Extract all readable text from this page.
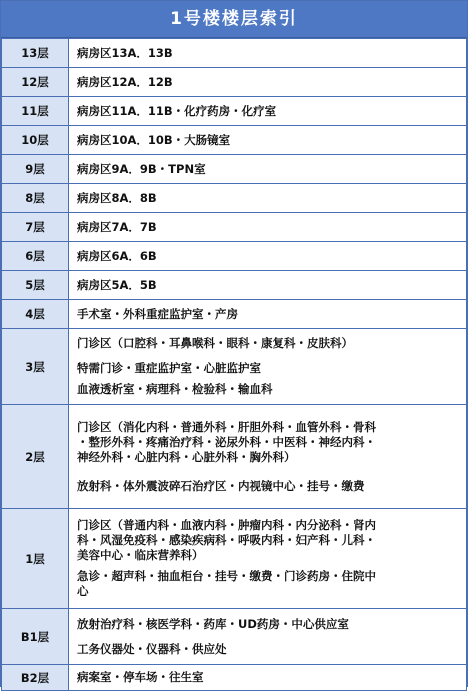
1号楼楼层索引
13层	病房区13A．13B

12层	病房区12A．12B

11层	病房区11A．11B・化疗药房・化疗室

10层	病房区10A．10B・大肠镜室

9层	病房区9A．9B・TPN室

8层	病房区8A．8B

7层	病房区7A．7B

6层	病房区6A．6B

5层	病房区5A．5B

4层	手术室・外科重症监护室・产房

3层	门诊区（口腔科・耳鼻喉科・眼科・康复科・皮肤科）
特需门诊・重症监护室・心脏监护室
血液透析室・病理科・检验科・输血科

2层	门诊区（消化内科・普通外科・肝胆外科・血管外科・骨科
・整形外科・疼痛治疗科・泌尿外科・中医科・神经内科・
神经外科・心脏内科・心脏外科・胸外科）
放射科・体外震波碎石治疗区・内视镜中心・挂号・缴费

1层	门诊区（普通内科・血液内科・肿瘤内科・内分泌科・肾内
科・风湿免疫科・感染疾病科・呼吸内科・妇产科・儿科・
美容中心・临床营养科）
急诊・超声科・抽血柜台・挂号・缴费・门诊药房・住院中
心

B1层	放射治疗科・核医学科・药库・UD药房・中心供应室
工务仪器处・仪器科・供应处

B2层	病案室・停车场・往生室
